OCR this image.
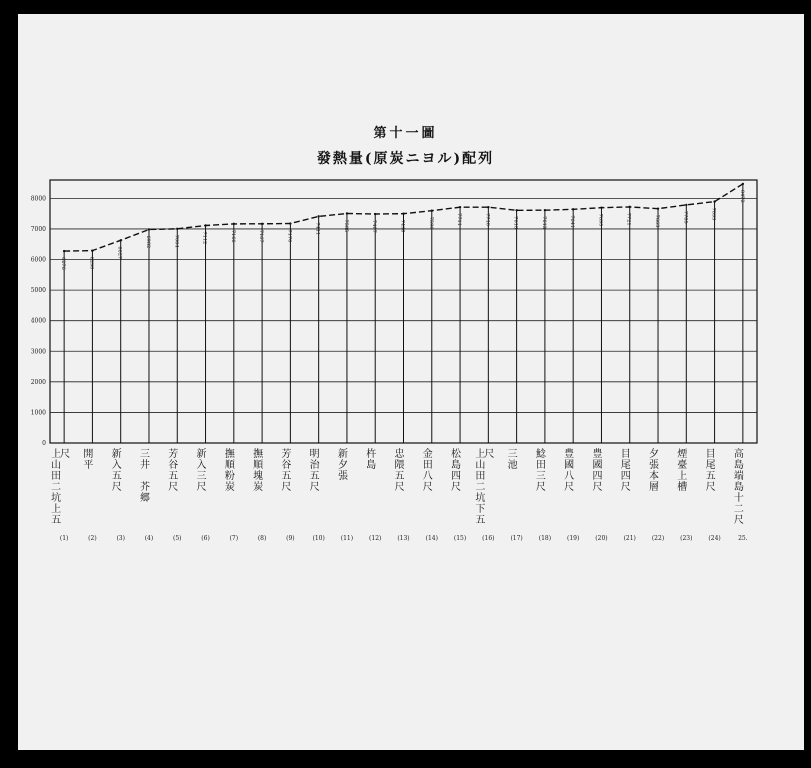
第十一圖
發熱量(原炭ニヨル)配列
0
1000
2000
3000
4000
5000
6000
7000
8000
6276
上山田二坑上五尺
(1)
6290
開平
(2)
6627
新入五尺
(3)
6982
三井 芥郷
(4)
7004
芳谷五尺
(5)
7112
新入三尺
(6)
7166
撫順粉炭
(7)
7167
撫順塊炭
(8)
7176
芳谷五尺
(9)
7411
明治五尺
(10)
7505
新夕張
(11)
7487
杵島
(12)
7498
忠隈五尺
(13)
7596
金田八尺
(14)
7711
松島四尺
(15)
7710
上山田二坑下五尺
(16)
7610
三池
(17)
7612
鯰田三尺
(18)
7641
豊國八尺
(19)
7695
豊國四尺
(20)
7721
目尾四尺
(21)
7663
夕張本層
(22)
7785
煙臺上槽
(23)
7893
目尾五尺
(24)
8472
高島端島十二尺
25.
